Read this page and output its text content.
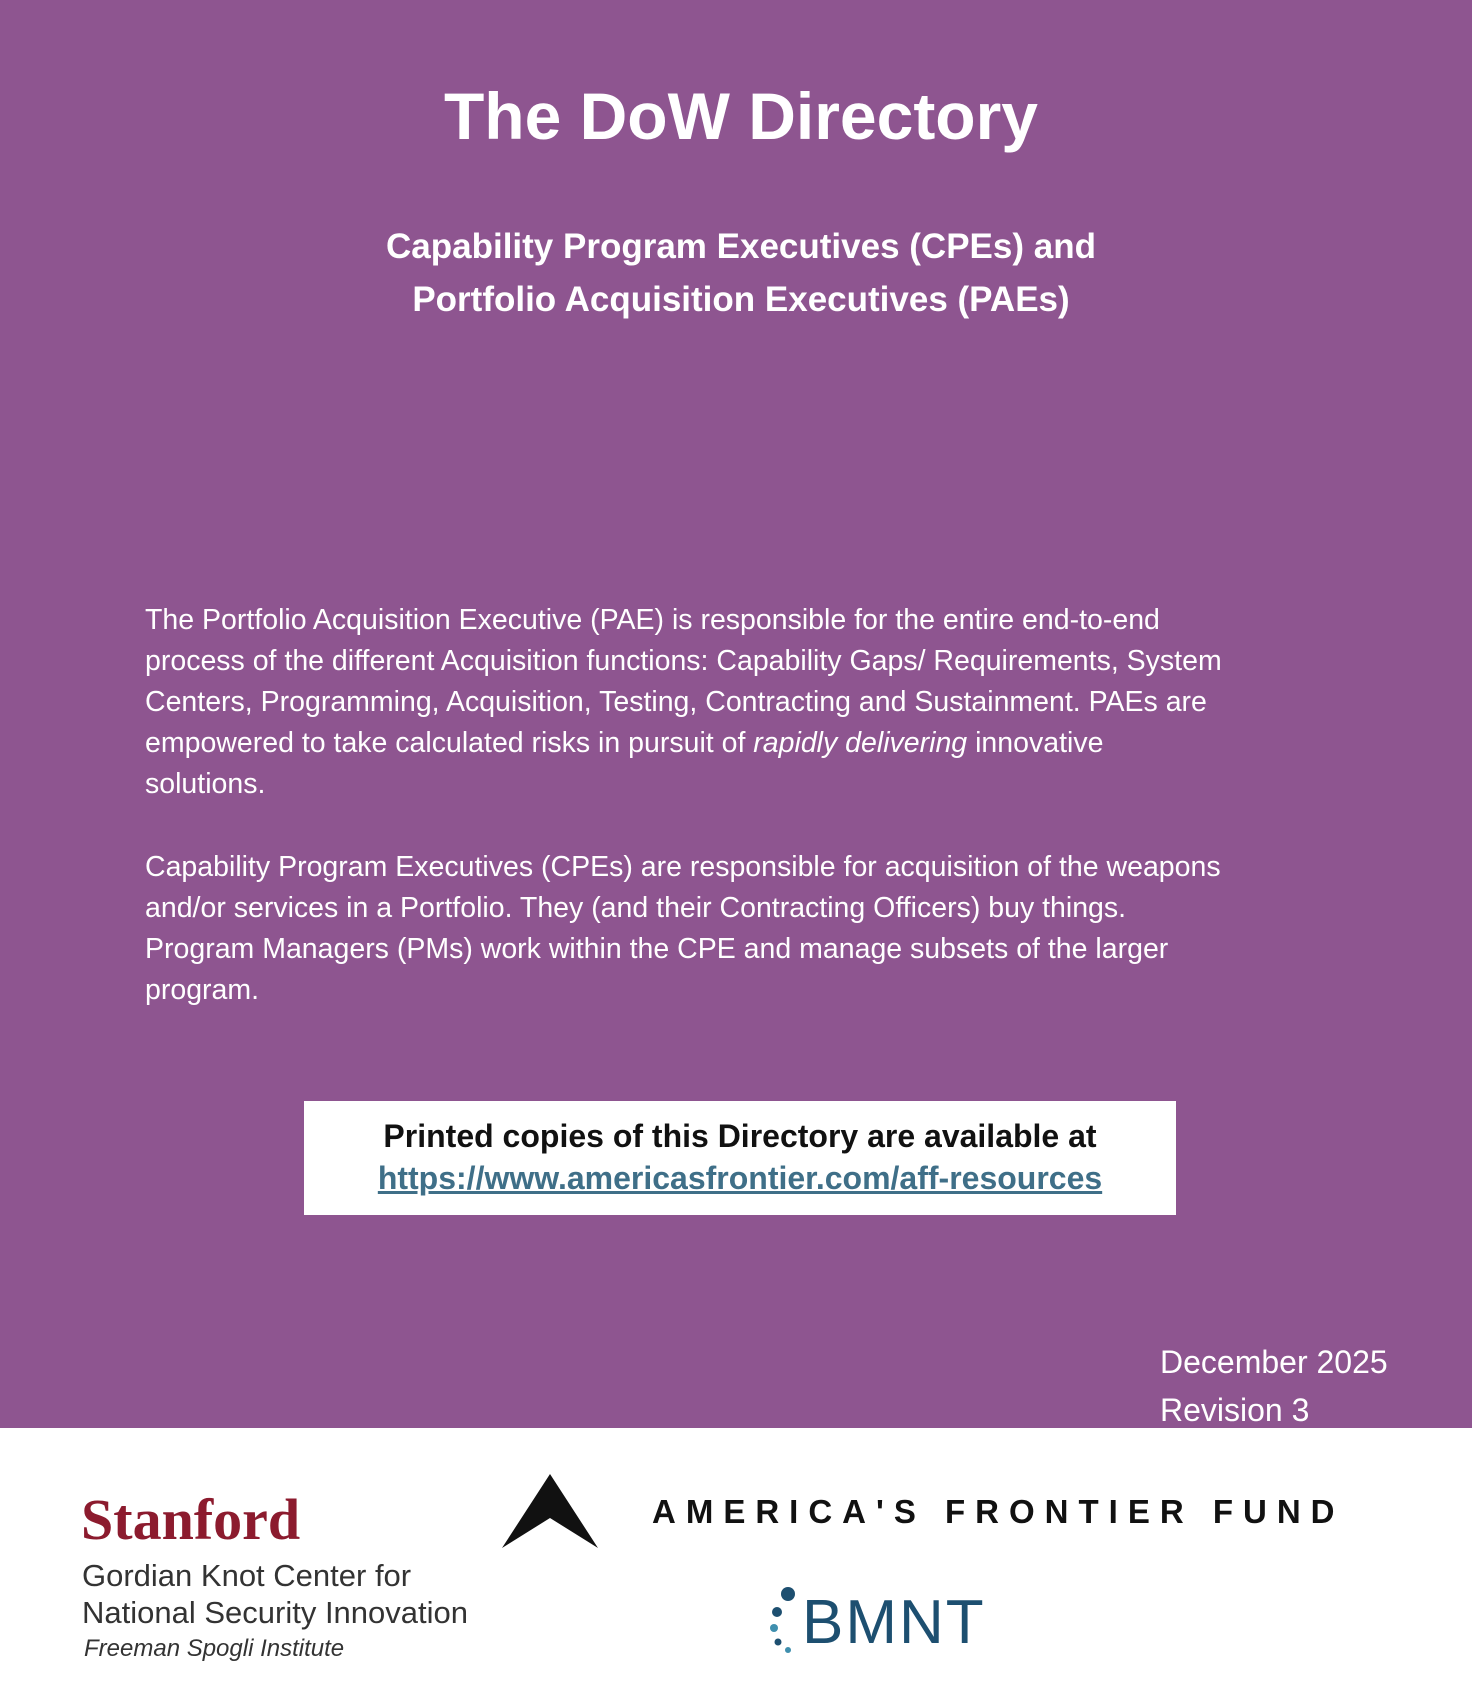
The DoW Directory
Capability Program Executives (CPEs) and
Portfolio Acquisition Executives (PAEs)
The Portfolio Acquisition Executive (PAE) is responsible for the entire end-to-end
process of the different Acquisition functions: Capability Gaps/ Requirements, System
Centers, Programming, Acquisition, Testing, Contracting and Sustainment. PAEs are
empowered to take calculated risks in pursuit of rapidly delivering innovative
solutions.
Capability Program Executives (CPEs) are responsible for acquisition of the weapons
and/or services in a Portfolio. They (and their Contracting Officers) buy things.
Program Managers (PMs) work within the CPE and manage subsets of the larger
program.
Printed copies of this Directory are available at
https://www.americasfrontier.com/aff-resources
December 2025
Revision 3
Stanford
Gordian Knot Center for
National Security Innovation
Freeman Spogli Institute
AMERICA'S FRONTIER FUND
BMNT
